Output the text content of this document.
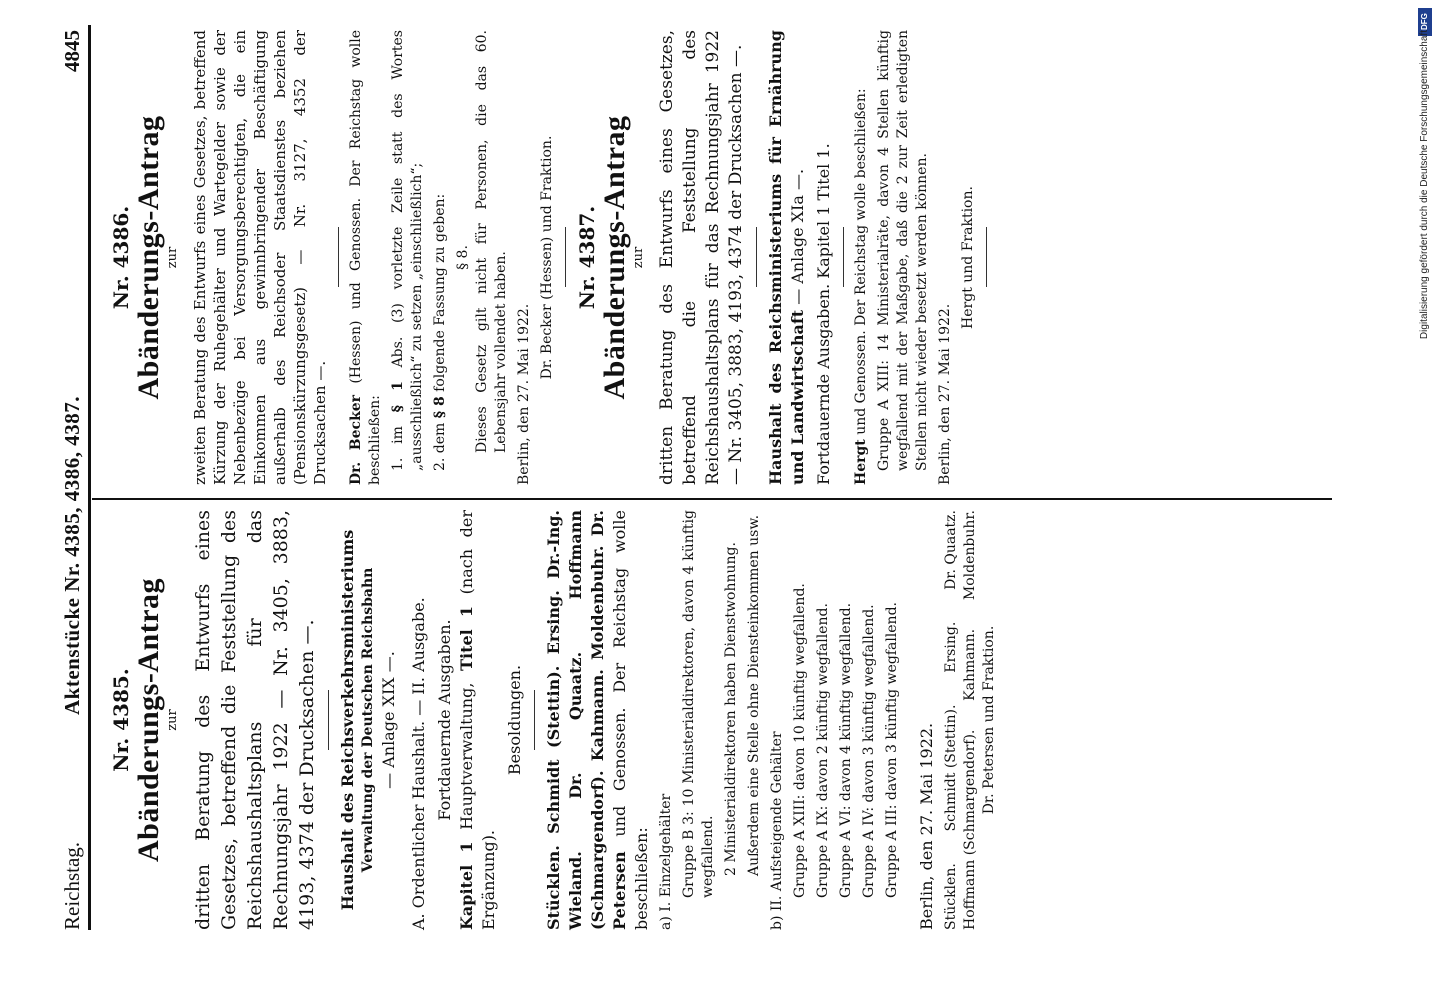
Reichstag.
Aktenstücke Nr. 4385, 4386, 4387.
4845
Nr. 4385. Abänderungs-Antrag zur dritten Beratung des Entwurfs eines Gesetzes, betreffend die Feststellung des Reichshaushaltsplans für das Rechnungsjahr 1922 — Nr. 3405, 3883, 4193, 4374 der Drucksachen —. Haushalt des Reichsverkehrsministeriums Verwaltung der Deutschen Reichsbahn — Anlage XIX —. A. Ordentlicher Haushalt. — II. Ausgabe. Fortdauernde Ausgaben.
Kapitel 1 Hauptverwaltung, Titel 1 (nach der Ergänzung).
Besoldungen. Stücklen. Schmidt (Stettin). Ersing. Dr.-Ing. Wieland. Dr. Quaatz. Hoffmann (Schmargendorf). Kahmann. Moldenbuhr. Dr. Petersen und Genossen. Der Reichstag wolle beschließen: a) I. Einzelgehälter Gruppe B 3: 10 Ministerialdirektoren, davon 4 künftig wegfallend. 2 Ministerialdirektoren haben Dienstwohnung. Außerdem eine Stelle ohne Diensteinkommen usw. b) II. Aufsteigende Gehälter Gruppe A XIII: davon 10 künftig wegfallend. Gruppe A IX: davon 2 künftig wegfallend. Gruppe A VI: davon 4 künftig wegfallend. Gruppe A IV: davon 3 künftig wegfallend. Gruppe A III: davon 3 künftig wegfallend. Berlin, den 27. Mai 1922. Stücklen.
Schmidt (Stettin).
Ersing.
Dr. Quaatz.
Hoffmann (Schmargendorf).
Kahmann.
Moldenbuhr.
Dr. Petersen und Fraktion.
Nr. 4386. Abänderungs-Antrag zur zweiten Beratung des Entwurfs eines Gesetzes, betreffend Kürzung der Ruhegehälter und Wartegelder sowie der Nebenbezüge bei Versorgungsberechtigten, die ein Einkommen aus gewinnbringender Beschäftigung außerhalb des Reichsoder Staatsdienstes beziehen (Pensionskürzungsgesetz) — Nr. 3127, 4352 der Drucksachen —. Dr. Becker (Hessen) und Genossen. Der Reichstag wolle beschließen: 1. im § 1 Abs. (3) vorletzte Zeile statt des Wortes „ausschließlich“ zu setzen „einschließlich“; 2. dem § 8 folgende Fassung zu geben: § 8. Dieses Gesetz gilt nicht für Personen, die das 60. Lebensjahr vollendet haben. Berlin, den 27. Mai 1922.
Dr. Becker (Hessen) und Fraktion. Nr. 4387. Abänderungs-Antrag zur dritten Beratung des Entwurfs eines Gesetzes, betreffend die Feststellung des Reichshaushaltsplans für das Rechnungsjahr 1922 — Nr. 3405, 3883, 4193, 4374 der Drucksachen —. Haushalt des Reichsministeriums für Ernährung und Landwirtschaft — Anlage XIa —. Fortdauernde Ausgaben. Kapitel 1 Titel 1. Hergt und Genossen. Der Reichstag wolle beschließen: Gruppe A XIII: 14 Ministerialräte, davon 4 Stellen künftig wegfallend mit der Maßgabe, daß die 2 zur Zeit erledigten Stellen nicht wieder besetzt werden können. Berlin, den 27. Mai 1922.
Hergt und Fraktion.
DFG
Digitalisierung gefördert durch die Deutsche Forschungsgemeinschaft
